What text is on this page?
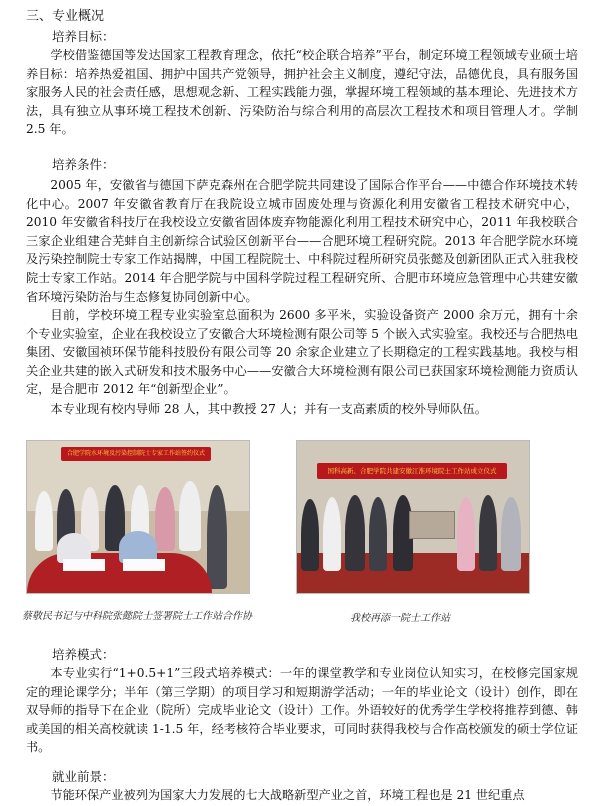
三、专业概况
培养目标：

学校借鉴德国等发达国家工程教育理念，依托“校企联合培养”平台，制定环境工程领域专业硕士培养目标：培养热爱祖国、拥护中国共产党领导，拥护社会主义制度，遵纪守法，品德优良，具有服务国家服务人民的社会责任感，思想观念新、工程实践能力强，掌握环境工程领域的基本理论、先进技术方法，具有独立从事环境工程技术创新、污染防治与综合利用的高层次工程技术和项目管理人才。学制 2.5 年。

培养条件：

2005 年，安徽省与德国下萨克森州在合肥学院共同建设了国际合作平台——中德合作环境技术转化中心。2007 年安徽省教育厅在我院设立城市固废处理与资源化利用安徽省工程技术研究中心，2010 年安徽省科技厅在我校设立安徽省固体废弃物能源化利用工程技术研究中心，2011 年我校联合三家企业组建合芜蚌自主创新综合试验区创新平台——合肥环境工程研究院。2013 年合肥学院水环境及污染控制院士专家工作站揭牌，中国工程院院士、中科院过程所研究员张懿及创新团队正式入驻我校院士专家工作站。2014 年合肥学院与中国科学院过程工程研究所、合肥市环境应急管理中心共建安徽省环境污染防治与生态修复协同创新中心。

目前，学校环境工程专业实验室总面积为 2600 多平米，实验设备资产 2000 余万元，拥有十余个专业实验室，企业在我校设立了安徽合大环境检测有限公司等 5 个嵌入式实验室。我校还与合肥热电集团、安徽国祯环保节能科技股份有限公司等 20 余家企业建立了长期稳定的工程实践基地。我校与相关企业共建的嵌入式研发和技术服务中心——安徽合大环境检测有限公司已获国家环境检测能力资质认定，是合肥市 2012 年“创新型企业”。

本专业现有校内导师 28 人，其中教授 27 人；并有一支高素质的校外导师队伍。

合肥学院水环境及污染控制院士专家工作站签约仪式
蔡敬民书记与中科院张懿院士签署院士工作站合作协
国科高新、合肥学院共建安徽江淮环境院士工作站成立仪式
我校再添一院士工作站
培养模式：

本专业实行“1+0.5+1”三段式培养模式：一年的课堂教学和专业岗位认知实习，在校修完国家规定的理论课学分；半年（第三学期）的项目学习和短期游学活动；一年的毕业论文（设计）创作，即在双导师的指导下在企业（院所）完成毕业论文（设计）工作。外语较好的优秀学生学校将推荐到德、韩或美国的相关高校就读 1-1.5 年，经考核符合毕业要求，可同时获得我校与合作高校颁发的硕士学位证书。

就业前景：

节能环保产业被列为国家大力发展的七大战略新型产业之首，环境工程也是 21 世纪重点
